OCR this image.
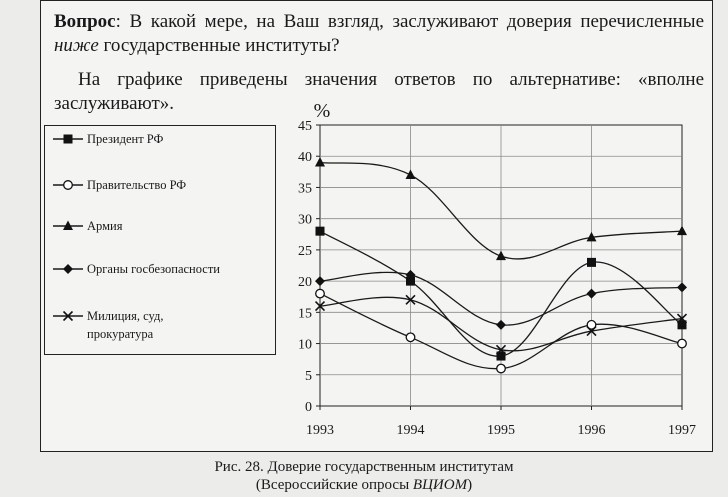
Вопрос: В какой мере, на Ваш взгляд, заслуживают доверия перечисленные ниже государственные институты?
На графике приведены значения ответов по альтернативе: «вполне заслуживают».
Президент РФ
Правительство РФ
Армия
Органы госбезопасности
Милиция, суд,
прокуратура
0
5
10
15
20
25
30
35
40
45
1993	1994	1995	1996	1997
%
Рис. 28. Доверие государственным институтам
(Всероссийские опросы ВЦИОМ)
